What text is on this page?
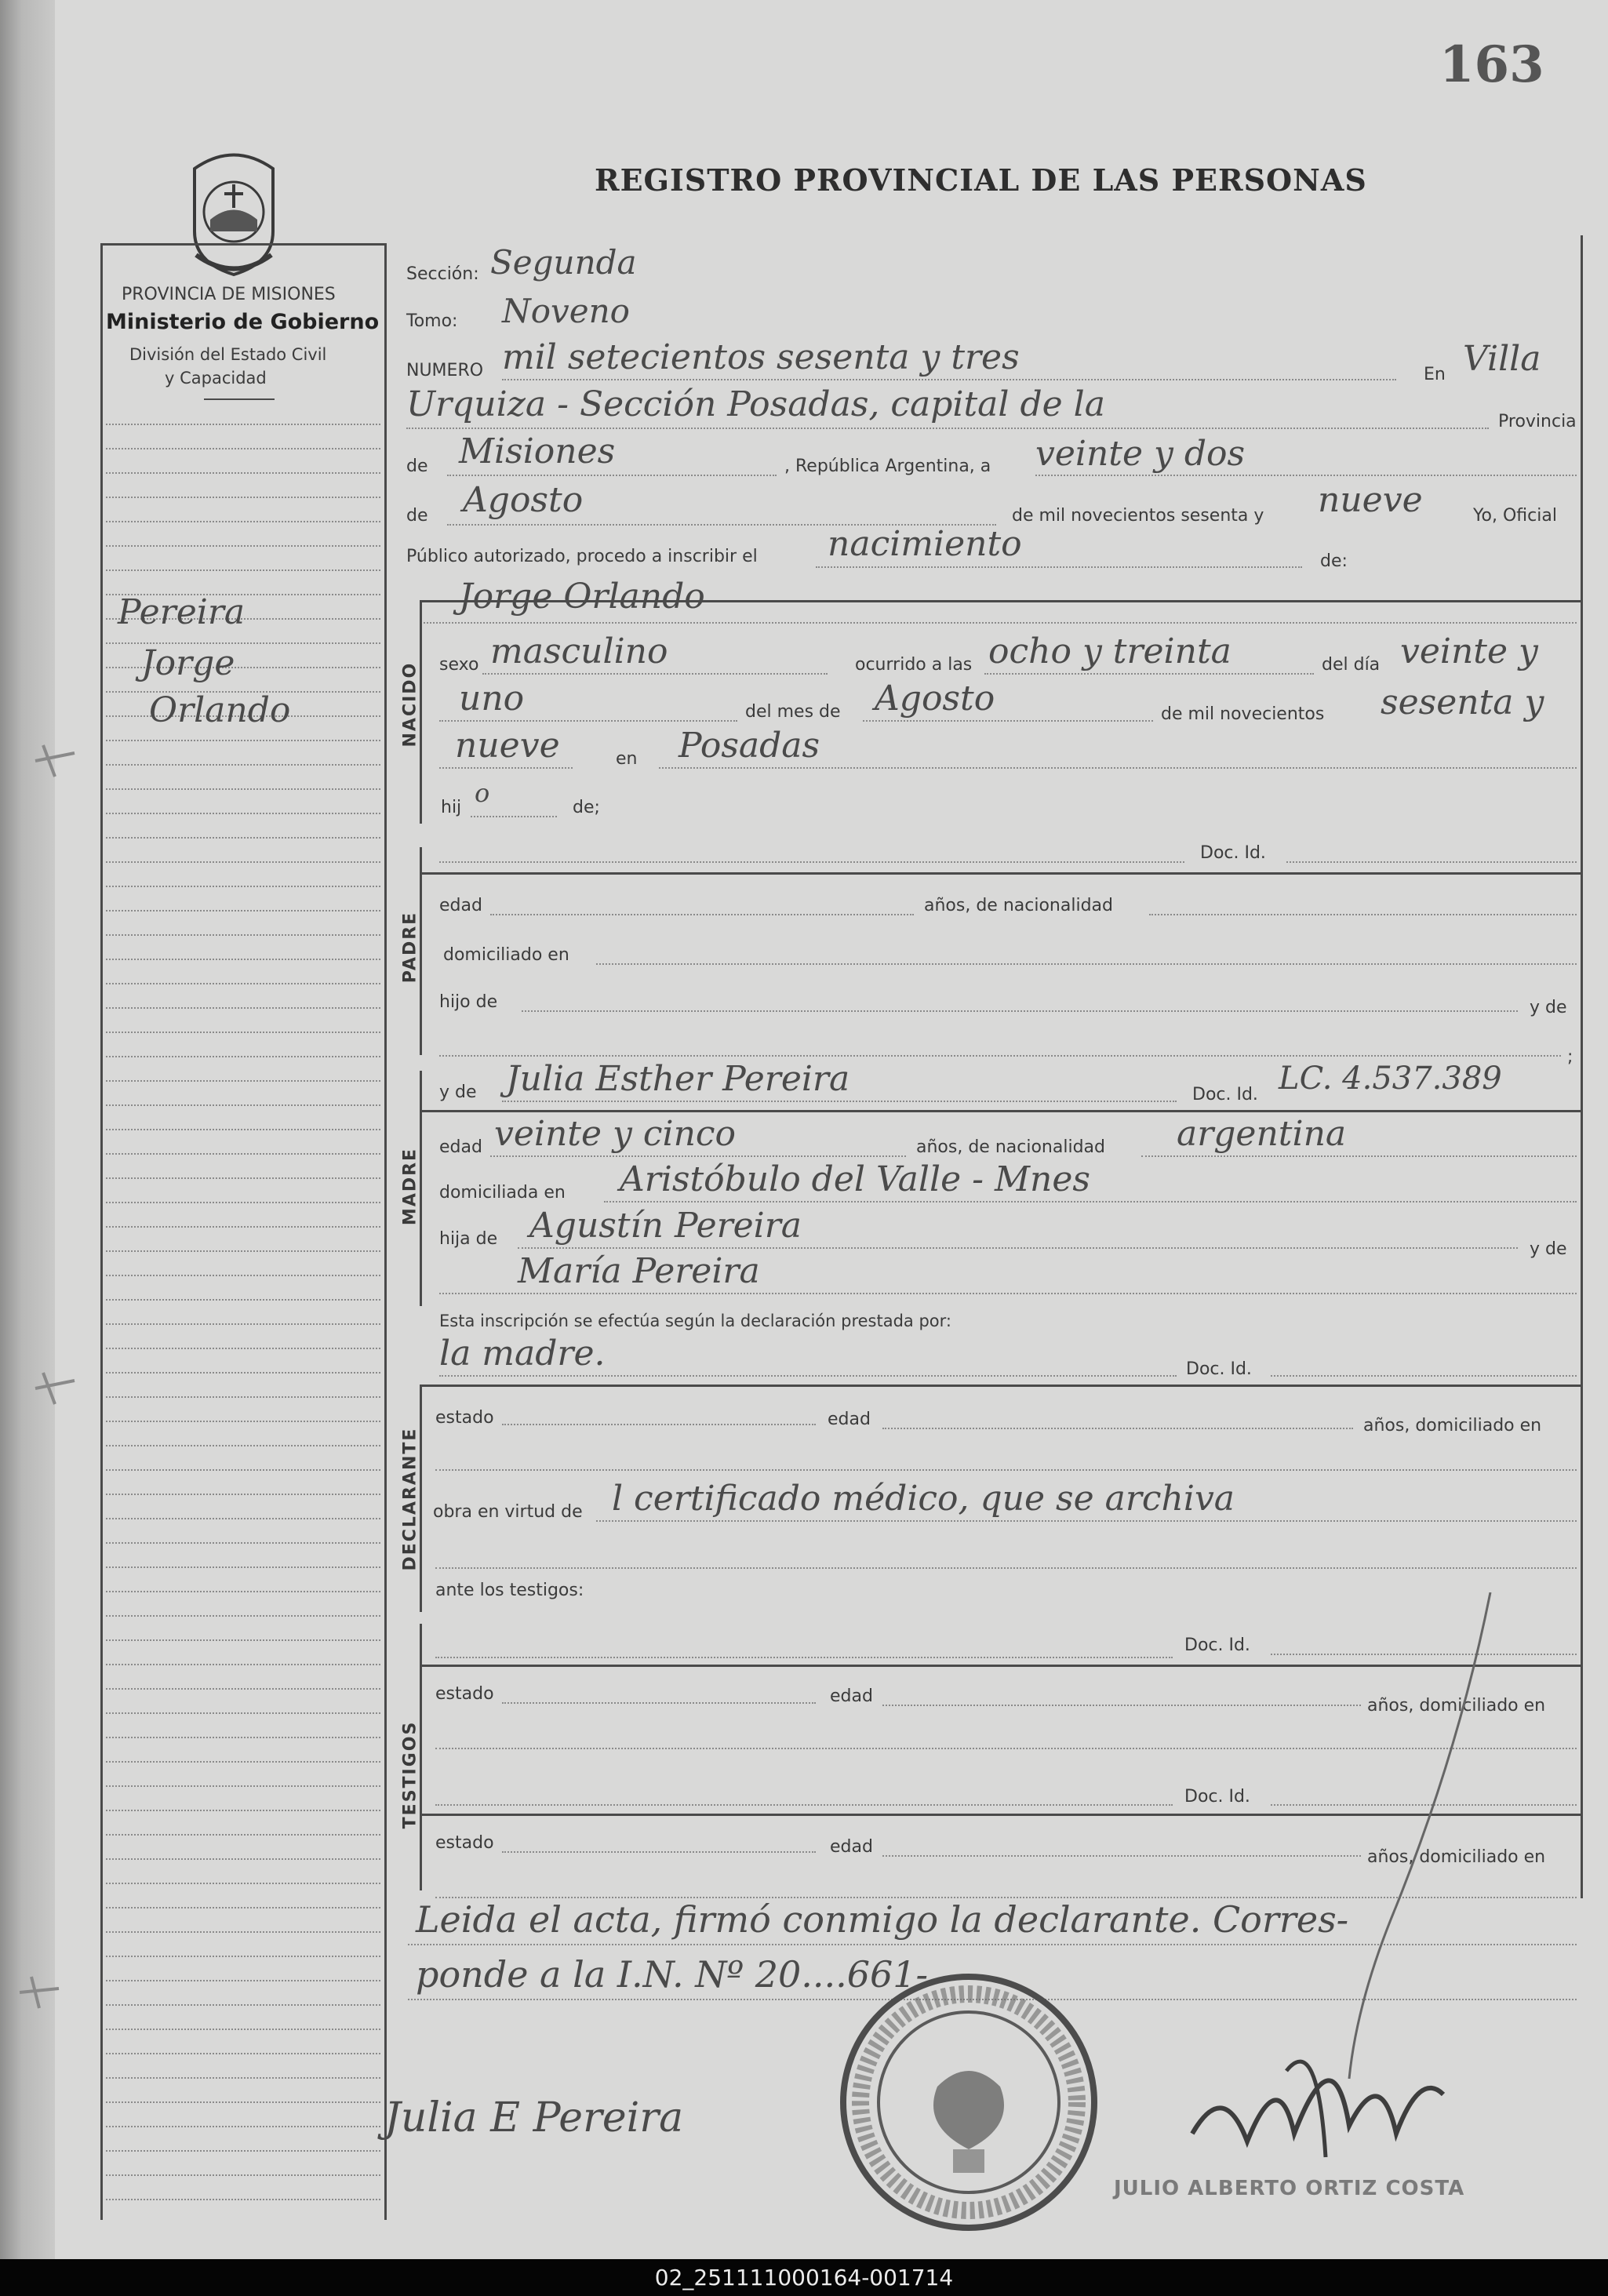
163
REGISTRO PROVINCIAL DE LAS PERSONAS
PROVINCIA DE MISIONES
Ministerio de Gobierno
División del Estado Civil
y Capacidad
Pereira
Jorge
Orlando
Sección: Segunda
Tomo: Noveno
NUMERO mil setecientos sesenta y tres	En Villa
Urquiza - Sección Posadas, capital de la	Provincia
de Misiones	, República Argentina, a veinte y dos
de Agosto	de mil novecientos sesenta y nueve	Yo, Oficial
Público autorizado, procedo a inscribir el nacimiento	de:
Jorge Orlando
NACIDO sexo masculino	ocurrido a las ocho y treinta	del día veinte y
uno	del mes de Agosto	de mil novecientos sesenta y
nueve	en Posadas
hij o	de;
PADRE
Doc. Id.
edad	años, de nacionalidad
domiciliado en
hijo de	y de
;
MADRE
y de Julia Esther Pereira	Doc. Id. LC. 4.537.389
edad veinte y cinco	años, de nacionalidad argentina
domiciliada en Aristóbulo del Valle - Mnes
hija de Agustín Pereira
y de
María Pereira
Esta inscripción se efectúa según la declaración prestada por:
DECLARANTE
la madre.	Doc. Id.
estado	edad	años, domiciliado en
obra en virtud de l certificado médico, que se archiva
ante los testigos:
TESTIGOS
Doc. Id.
estado	edad	años, domiciliado en
Doc. Id.
estado	edad
años, domiciliado en
Leida el acta, firmó conmigo la declarante. Corres-
ponde a la I.N. Nº 20....661-
Julia E Pereira
JULIO ALBERTO ORTIZ COSTA
02_251111000164-001714
